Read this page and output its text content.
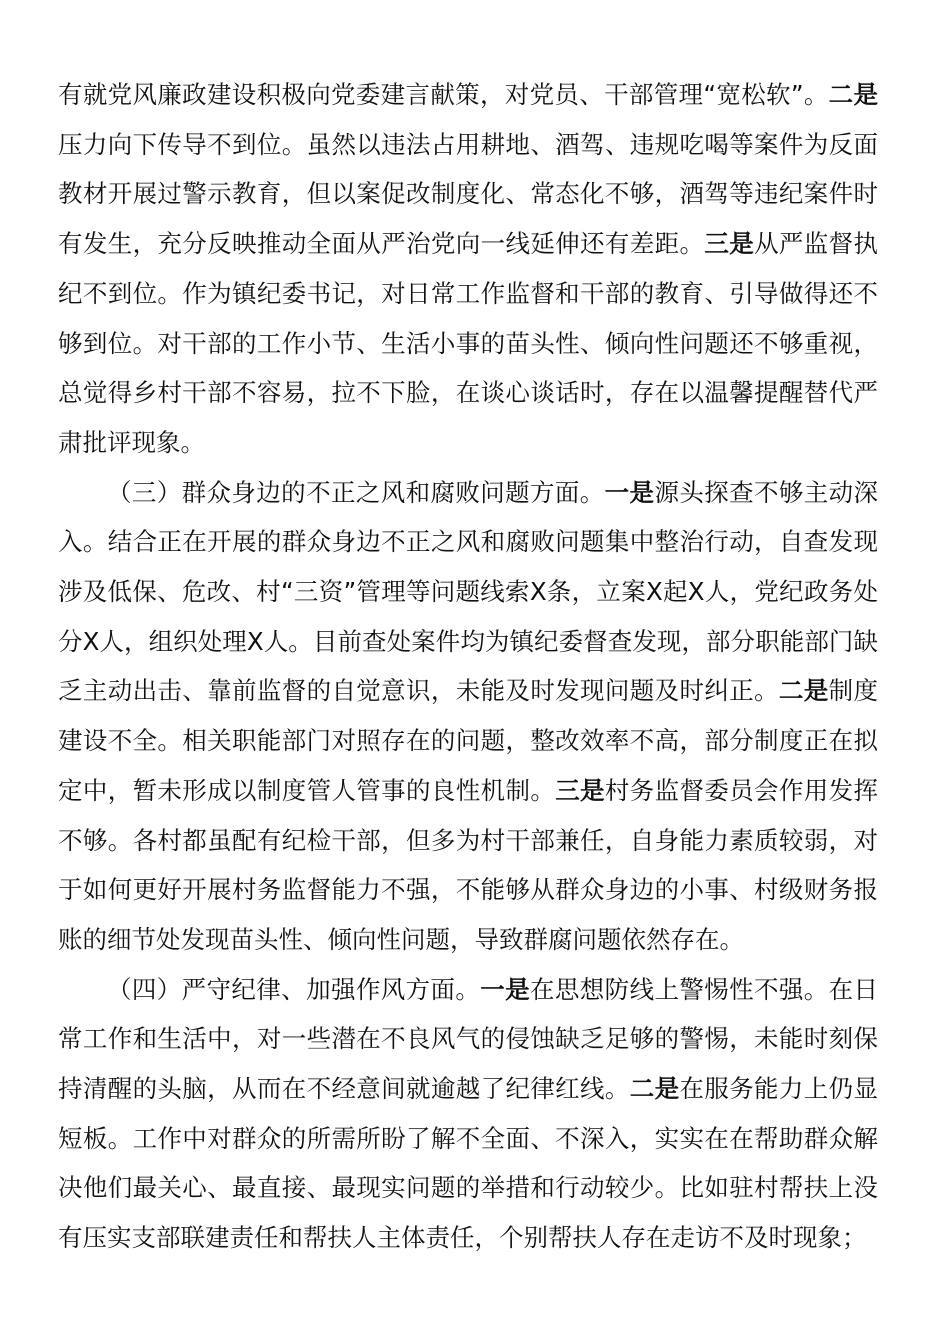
有就党风廉政建设积极向党委建言献策，对党员、干部管理“宽松软”。二是压力向下传导不到位。虽然以违法占用耕地、酒驾、违规吃喝等案件为反面教材开展过警示教育，但以案促改制度化、常态化不够，酒驾等违纪案件时有发生，充分反映推动全面从严治党向一线延伸还有差距。三是从严监督执纪不到位。作为镇纪委书记，对日常工作监督和干部的教育、引导做得还不够到位。对干部的工作小节、生活小事的苗头性、倾向性问题还不够重视，总觉得乡村干部不容易，拉不下脸，在谈心谈话时，存在以温馨提醒替代严肃批评现象。

（三）群众身边的不正之风和腐败问题方面。一是源头探查不够主动深入。结合正在开展的群众身边不正之风和腐败问题集中整治行动，自查发现涉及低保、危改、村“三资”管理等问题线索X条，立案X起X人，党纪政务处分X人，组织处理X人。目前查处案件均为镇纪委督查发现，部分职能部门缺乏主动出击、靠前监督的自觉意识，未能及时发现问题及时纠正。二是制度建设不全。相关职能部门对照存在的问题，整改效率不高，部分制度正在拟定中，暂未形成以制度管人管事的良性机制。三是村务监督委员会作用发挥不够。各村都虽配有纪检干部，但多为村干部兼任，自身能力素质较弱，对于如何更好开展村务监督能力不强，不能够从群众身边的小事、村级财务报账的细节处发现苗头性、倾向性问题，导致群腐问题依然存在。

（四）严守纪律、加强作风方面。一是在思想防线上警惕性不强。在日常工作和生活中，对一些潜在不良风气的侵蚀缺乏足够的警惕，未能时刻保持清醒的头脑，从而在不经意间就逾越了纪律红线。二是在服务能力上仍显短板。工作中对群众的所需所盼了解不全面、不深入，实实在在帮助群众解决他们最关心、最直接、最现实问题的举措和行动较少。比如驻村帮扶上没有压实支部联建责任和帮扶人主体责任，个别帮扶人存在走访不及时现象；
